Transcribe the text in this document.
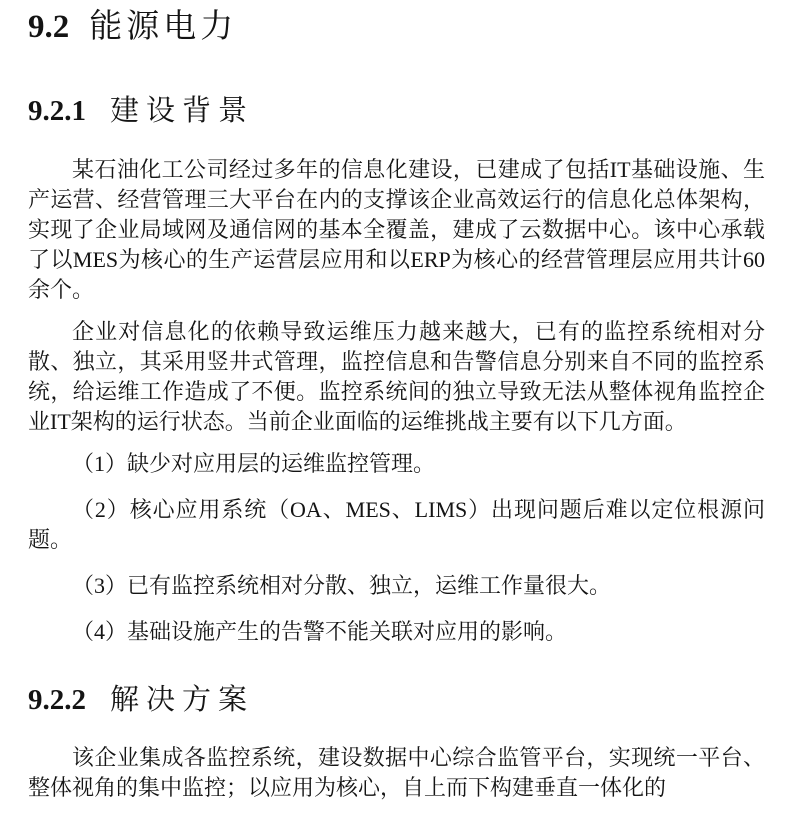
9.2 能源电力
9.2.1 建设背景

某石油化工公司经过多年的信息化建设，已建成了包括IT基础设施、生产运营、经营管理三大平台在内的支撑该企业高效运行的信息化总体架构，实现了企业局域网及通信网的基本全覆盖，建成了云数据中心。该中心承载了以MES为核心的生产运营层应用和以ERP为核心的经营管理层应用共计60余个。

企业对信息化的依赖导致运维压力越来越大，已有的监控系统相对分散、独立，其采用竖井式管理，监控信息和告警信息分别来自不同的监控系统，给运维工作造成了不便。监控系统间的独立导致无法从整体视角监控企业IT架构的运行状态。当前企业面临的运维挑战主要有以下几方面。

（1）缺少对应用层的运维监控管理。

（2）核心应用系统（OA、MES、LIMS）出现问题后难以定位根源问题。

（3）已有监控系统相对分散、独立，运维工作量很大。

（4）基础设施产生的告警不能关联对应用的影响。

9.2.2 解决方案

该企业集成各监控系统，建设数据中心综合监管平台，实现统一平台、整体视角的集中监控；以应用为核心，自上而下构建垂直一体化的
